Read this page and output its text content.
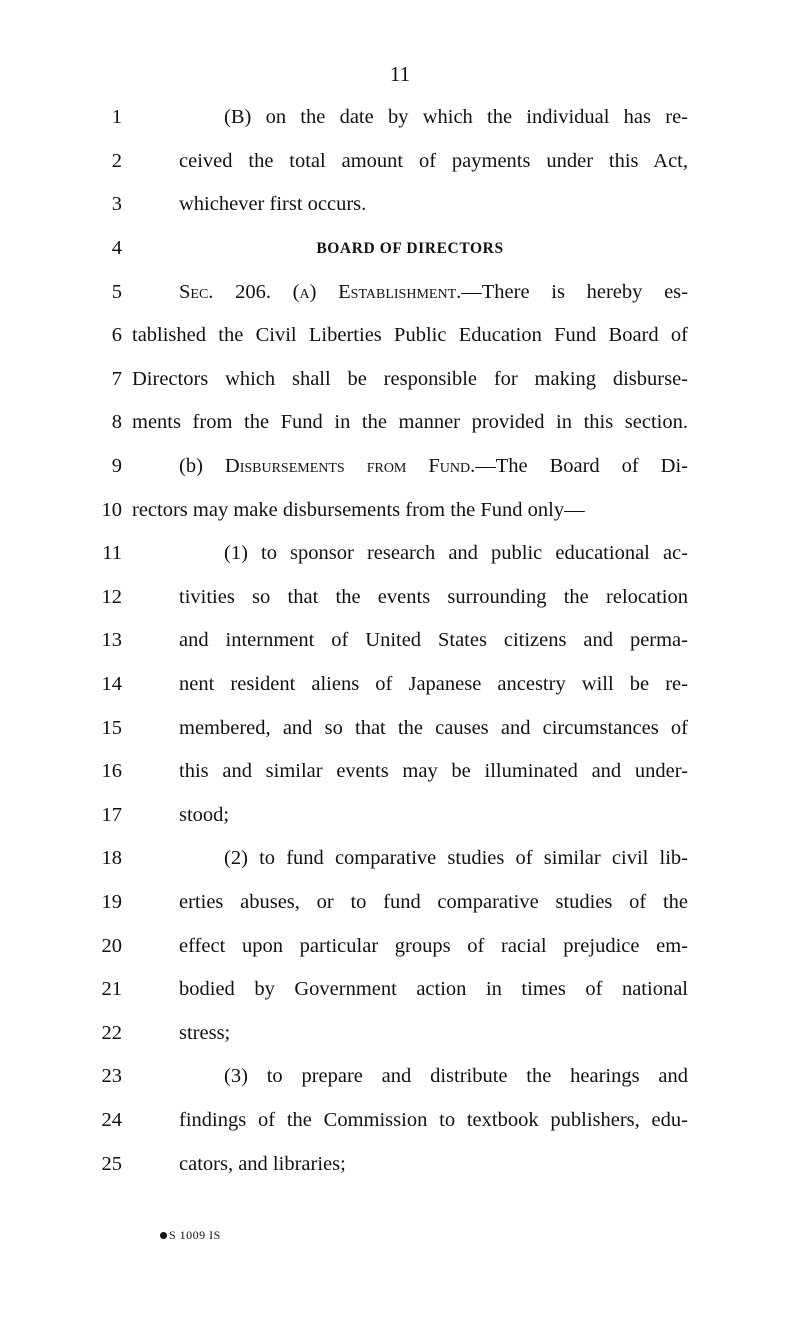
11
1	(B) on the date by which the individual has re-
2	ceived the total amount of payments under this Act,
3	whichever first occurs.
4	BOARD OF DIRECTORS
5	Sec. 206. (a) Establishment.—There is hereby es-
6 tablished the Civil Liberties Public Education Fund Board of
7 Directors which shall be responsible for making disburse-
8 ments from the Fund in the manner provided in this section.
9	(b) Disbursements from Fund.—The Board of Di-
10 rectors may make disbursements from the Fund only—
11	(1) to sponsor research and public educational ac-
12	tivities so that the events surrounding the relocation
13	and internment of United States citizens and perma-
14	nent resident aliens of Japanese ancestry will be re-
15	membered, and so that the causes and circumstances of
16	this and similar events may be illuminated and under-
17	stood;
18	(2) to fund comparative studies of similar civil lib-
19	erties abuses, or to fund comparative studies of the
20	effect upon particular groups of racial prejudice em-
21	bodied by Government action in times of national
22	stress;
23	(3) to prepare and distribute the hearings and
24	findings of the Commission to textbook publishers, edu-
25	cators, and libraries;
S 1009 IS
